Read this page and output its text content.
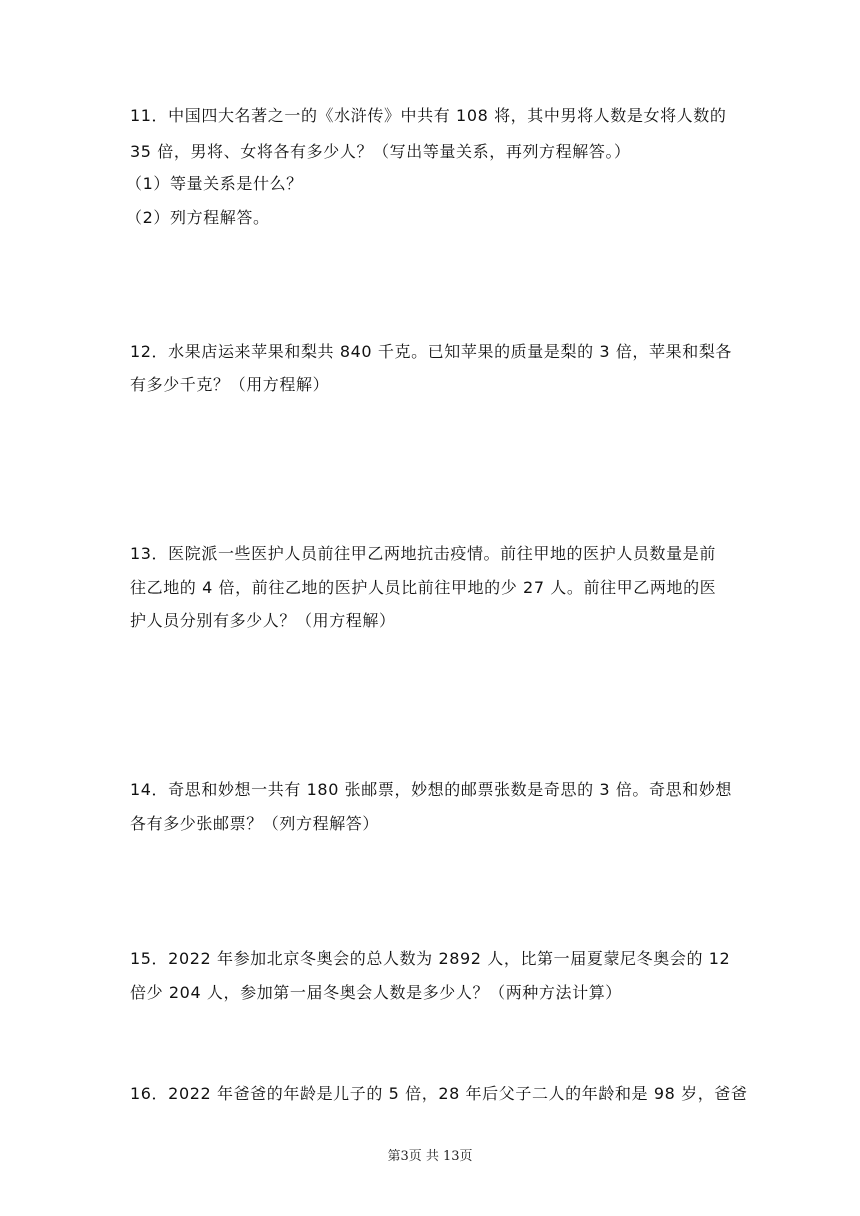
11．中国四大名著之一的《水浒传》中共有 108 将，其中男将人数是女将人数的
35 倍，男将、女将各有多少人？（写出等量关系，再列方程解答。）
（1）等量关系是什么？
（2）列方程解答。
12．水果店运来苹果和梨共 840 千克。已知苹果的质量是梨的 3 倍，苹果和梨各
有多少千克？（用方程解）
13．医院派一些医护人员前往甲乙两地抗击疫情。前往甲地的医护人员数量是前
往乙地的 4 倍，前往乙地的医护人员比前往甲地的少 27 人。前往甲乙两地的医
护人员分别有多少人？（用方程解）
14．奇思和妙想一共有 180 张邮票，妙想的邮票张数是奇思的 3 倍。奇思和妙想
各有多少张邮票？（列方程解答）
15．2022 年参加北京冬奥会的总人数为 2892 人，比第一届夏蒙尼冬奥会的 12
倍少 204 人，参加第一届冬奥会人数是多少人？（两种方法计算）
16．2022 年爸爸的年龄是儿子的 5 倍，28 年后父子二人的年龄和是 98 岁，爸爸
第3页 共 13页
